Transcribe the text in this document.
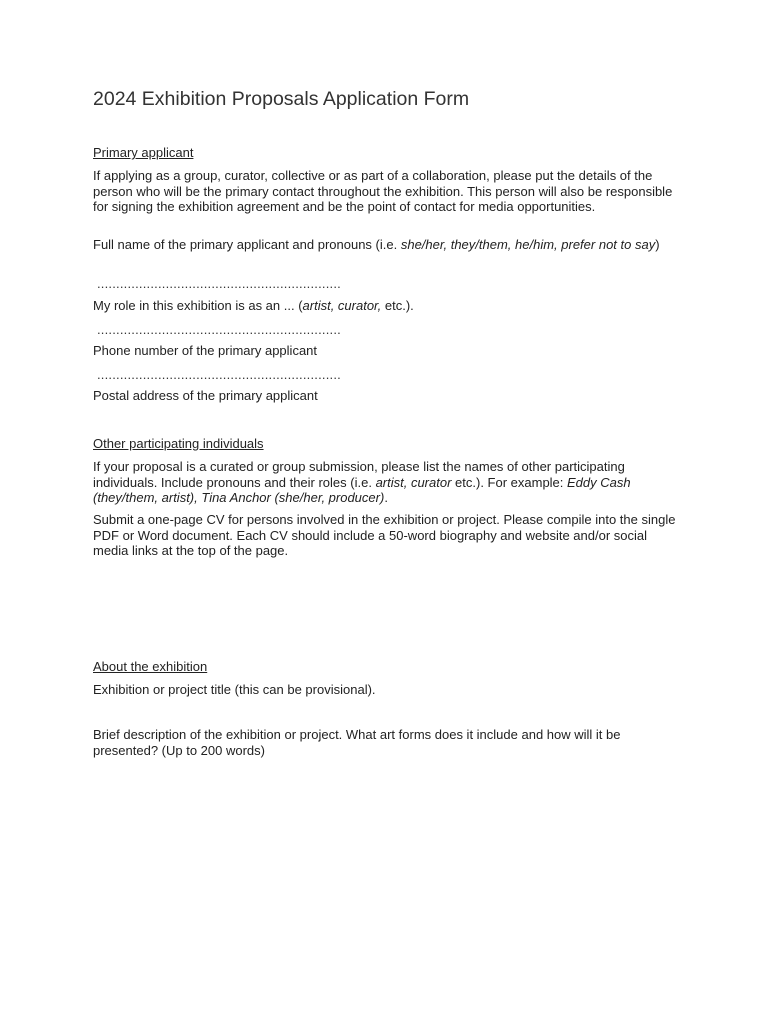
2024 Exhibition Proposals Application Form
Primary applicant

If applying as a group, curator, collective or as part of a collaboration, please put the details of the person who will be the primary contact throughout the exhibition. This person will also be responsible for signing the exhibition agreement and be the point of contact for media opportunities.

Full name of the primary applicant and pronouns (i.e. she/her, they/them, he/him, prefer not to say)

................................................................

My role in this exhibition is as an ... (artist, curator, etc.).

................................................................

Phone number of the primary applicant

................................................................

Postal address of the primary applicant

Other participating individuals

If your proposal is a curated or group submission, please list the names of other participating individuals. Include pronouns and their roles (i.e. artist, curator etc.). For example: Eddy Cash (they/them, artist), Tina Anchor (she/her, producer).

Submit a one-page CV for persons involved in the exhibition or project. Please compile into the single PDF or Word document. Each CV should include a 50-word biography and website and/or social media links at the top of the page.

About the exhibition

Exhibition or project title (this can be provisional).

Brief description of the exhibition or project. What art forms does it include and how will it be presented? (Up to 200 words)
